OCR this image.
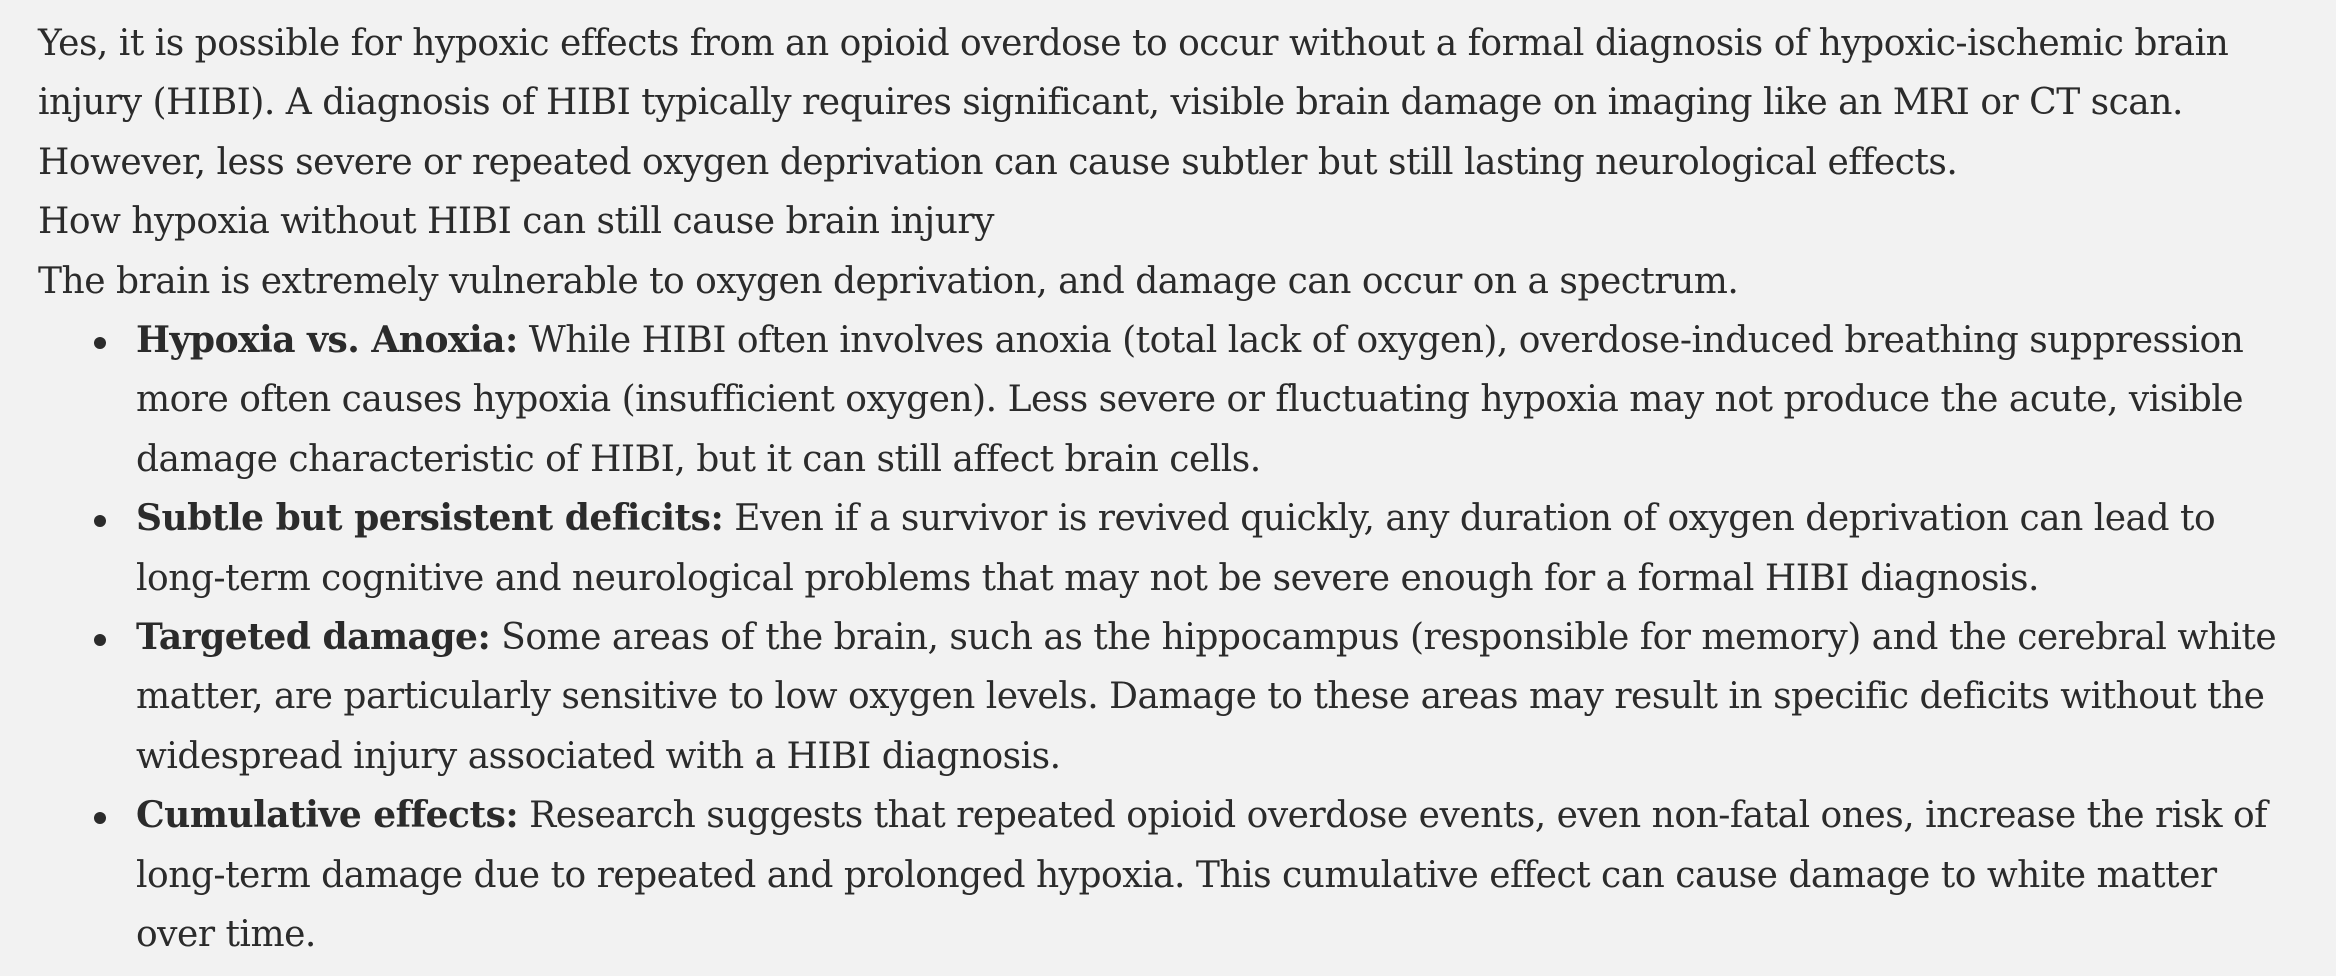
Yes, it is possible for hypoxic effects from an opioid overdose to occur without a formal diagnosis of hypoxic-ischemic brain injury (HIBI). A diagnosis of HIBI typically requires significant, visible brain damage on imaging like an MRI or CT scan. However, less severe or repeated oxygen deprivation can cause subtler but still lasting neurological effects.

How hypoxia without HIBI can still cause brain injury

The brain is extremely vulnerable to oxygen deprivation, and damage can occur on a spectrum.

Hypoxia vs. Anoxia: While HIBI often involves anoxia (total lack of oxygen), overdose-induced breathing suppression more often causes hypoxia (insufficient oxygen). Less severe or fluctuating hypoxia may not produce the acute, visible damage characteristic of HIBI, but it can still affect brain cells.
Subtle but persistent deficits: Even if a survivor is revived quickly, any duration of oxygen deprivation can lead to long-term cognitive and neurological problems that may not be severe enough for a formal HIBI diagnosis.
Targeted damage: Some areas of the brain, such as the hippocampus (responsible for memory) and the cerebral white matter, are particularly sensitive to low oxygen levels. Damage to these areas may result in specific deficits without the widespread injury associated with a HIBI diagnosis.
Cumulative effects: Research suggests that repeated opioid overdose events, even non-fatal ones, increase the risk of long-term damage due to repeated and prolonged hypoxia. This cumulative effect can cause damage to white matter over time.
